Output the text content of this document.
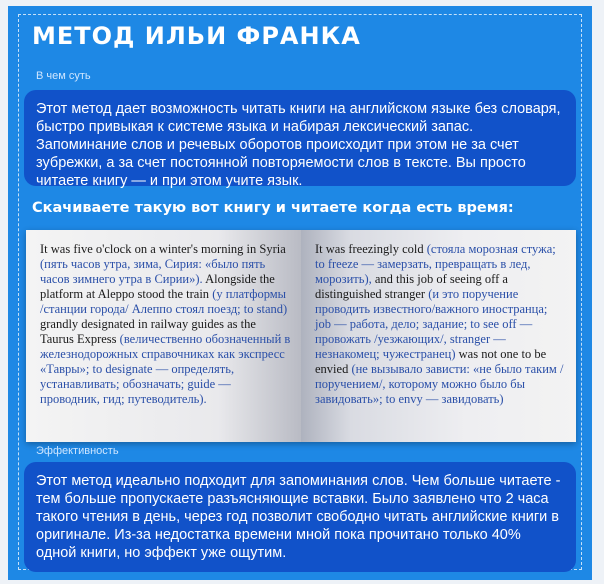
МЕТОД ИЛЬИ ФРАНКА
В чем суть
Этот метод дает возможность читать книги на английском языке без словаря, быстро привыкая к системе языка и набирая лексический запас. Запоминание слов и речевых оборотов происходит при этом не за счет зубрежки, а за счет постоянной повторяемости слов в тексте. Вы просто читаете книгу — и при этом учите язык.
Скачиваете такую вот книгу и читаете когда есть время:
It was five o'clock on a winter's morning in Syria (пять часов утра, зима, Сирия: «было пять часов зимнего утра в Сирии»). Alongside the platform at Aleppo stood the train (у платформы /станции города/ Алеппо стоял поезд; to stand) grandly designated in railway guides as the Taurus Express (величественно обозначенный в железнодорожных справочниках как экспресс «Тавры»; to designate — определять, устанавливать; обозначать; guide — проводник, гид; путеводитель).
It was freezingly cold (стояла морозная стужа; to freeze — замерзать, превращать в лед, морозить), and this job of seeing off a distinguished stranger (и это поручение проводить известного/важного иностранца; job — работа, дело; задание; to see off — провожать /уезжающих/, stranger — незнакомец; чужестранец) was not one to be envied (не вызывало зависти: «не было таким /поручением/, которому можно было бы завидовать»; to envy — завидовать)
Эффективность
Этот метод идеально подходит для запоминания слов. Чем больше читаете - тем больше пропускаете разъясняющие вставки. Было заявлено что 2 часа такого чтения в день, через год позволит свободно читать английские книги в оригинале. Из-за недостатка времени мной пока прочитано только 40% одной книги, но эффект уже ощутим.
